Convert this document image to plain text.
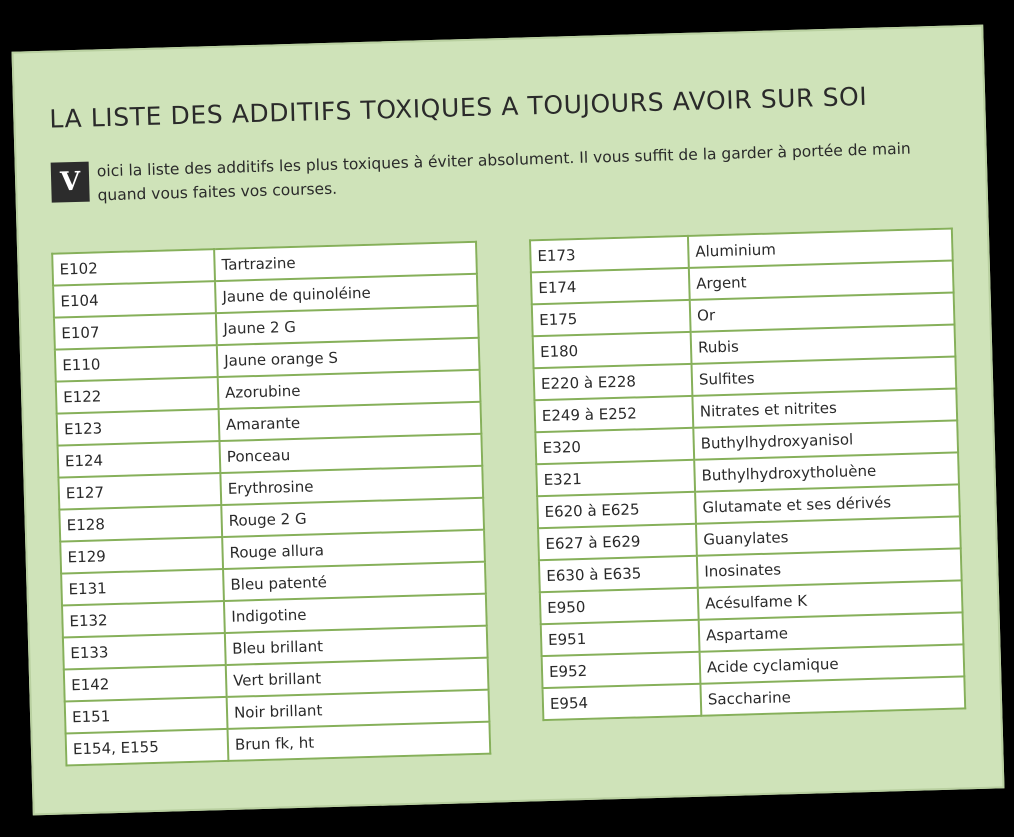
LA LISTE DES ADDITIFS TOXIQUES A TOUJOURS AVOIR SUR SOI
V
oici la liste des additifs les plus toxiques à éviter absolument. Il vous suffit de la garder à portée de main quand vous faites vos courses.
E102	Tartrazine
E104	Jaune de quinoléine
E107	Jaune 2 G
E110	Jaune orange S
E122	Azorubine
E123	Amarante
E124	Ponceau
E127	Erythrosine
E128	Rouge 2 G
E129	Rouge allura
E131	Bleu patenté
E132	Indigotine
E133	Bleu brillant
E142	Vert brillant
E151	Noir brillant
E154, E155	Brun fk, ht
E173	Aluminium
E174	Argent
E175	Or
E180	Rubis
E220 à E228	Sulfites
E249 à E252	Nitrates et nitrites
E320	Buthylhydroxyanisol
E321	Buthylhydroxytholuène
E620 à E625	Glutamate et ses dérivés
E627 à E629	Guanylates
E630 à E635	Inosinates
E950	Acésulfame K
E951	Aspartame
E952	Acide cyclamique
E954	Saccharine
